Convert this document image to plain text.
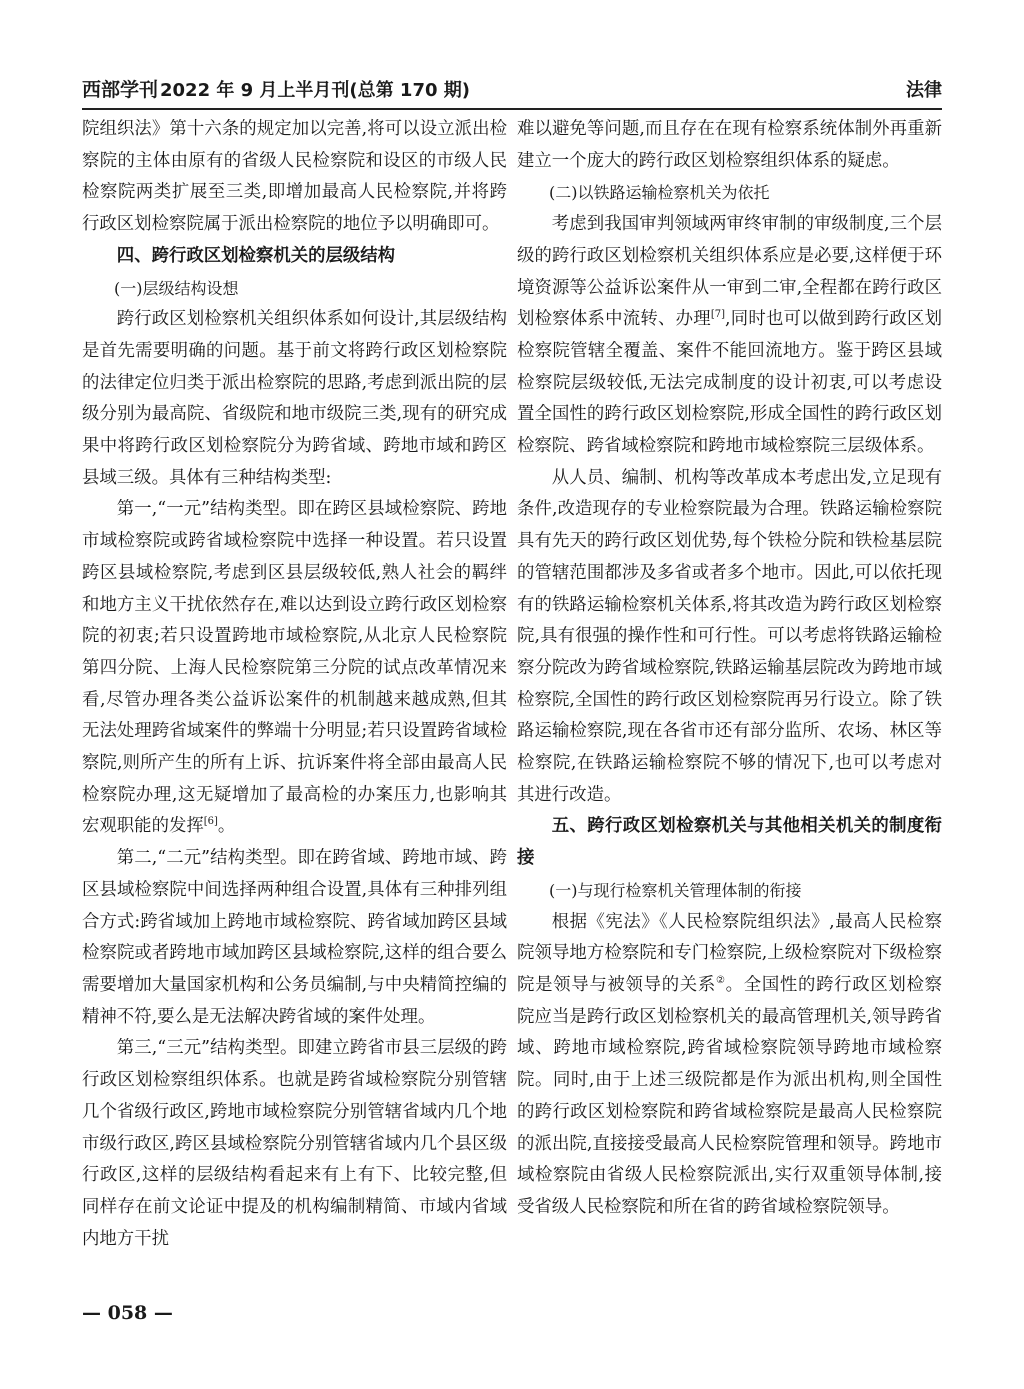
西部学刊 2022 年 9 月上半月刊(总第 170 期)	法律

院组织法》第十六条的规定加以完善,将可以设立派出检察院的主体由原有的省级人民检察院和设区的市级人民检察院两类扩展至三类,即增加最高人民检察院,并将跨行政区划检察院属于派出检察院的地位予以明确即可。

四、跨行政区划检察机关的层级结构

(一)层级结构设想

跨行政区划检察机关组织体系如何设计,其层级结构是首先需要明确的问题。基于前文将跨行政区划检察院的法律定位归类于派出检察院的思路,考虑到派出院的层级分别为最高院、省级院和地市级院三类,现有的研究成果中将跨行政区划检察院分为跨省域、跨地市域和跨区县域三级。具体有三种结构类型:

第一,“一元”结构类型。即在跨区县域检察院、跨地市域检察院或跨省域检察院中选择一种设置。若只设置跨区县域检察院,考虑到区县层级较低,熟人社会的羁绊和地方主义干扰依然存在,难以达到设立跨行政区划检察院的初衷;若只设置跨地市域检察院,从北京人民检察院第四分院、上海人民检察院第三分院的试点改革情况来看,尽管办理各类公益诉讼案件的机制越来越成熟,但其无法处理跨省域案件的弊端十分明显;若只设置跨省域检察院,则所产生的所有上诉、抗诉案件将全部由最高人民检察院办理,这无疑增加了最高检的办案压力,也影响其宏观职能的发挥[6]。

第二,“二元”结构类型。即在跨省域、跨地市域、跨区县域检察院中间选择两种组合设置,具体有三种排列组合方式:跨省域加上跨地市域检察院、跨省域加跨区县域检察院或者跨地市域加跨区县域检察院,这样的组合要么需要增加大量国家机构和公务员编制,与中央精简控编的精神不符,要么是无法解决跨省域的案件处理。

第三,“三元”结构类型。即建立跨省市县三层级的跨行政区划检察组织体系。也就是跨省域检察院分别管辖几个省级行政区,跨地市域检察院分别管辖省域内几个地市级行政区,跨区县域检察院分别管辖省域内几个县区级行政区,这样的层级结构看起来有上有下、比较完整,但同样存在前文论证中提及的机构编制精简、市域内省域内地方干扰

难以避免等问题,而且存在在现有检察系统体制外再重新建立一个庞大的跨行政区划检察组织体系的疑虑。

(二)以铁路运输检察机关为依托

考虑到我国审判领域两审终审制的审级制度,三个层级的跨行政区划检察机关组织体系应是必要,这样便于环境资源等公益诉讼案件从一审到二审,全程都在跨行政区划检察体系中流转、办理[7],同时也可以做到跨行政区划检察院管辖全覆盖、案件不能回流地方。鉴于跨区县域检察院层级较低,无法完成制度的设计初衷,可以考虑设置全国性的跨行政区划检察院,形成全国性的跨行政区划检察院、跨省域检察院和跨地市域检察院三层级体系。

从人员、编制、机构等改革成本考虑出发,立足现有条件,改造现存的专业检察院最为合理。铁路运输检察院具有先天的跨行政区划优势,每个铁检分院和铁检基层院的管辖范围都涉及多省或者多个地市。因此,可以依托现有的铁路运输检察机关体系,将其改造为跨行政区划检察院,具有很强的操作性和可行性。可以考虑将铁路运输检察分院改为跨省域检察院,铁路运输基层院改为跨地市域检察院,全国性的跨行政区划检察院再另行设立。除了铁路运输检察院,现在各省市还有部分监所、农场、林区等检察院,在铁路运输检察院不够的情况下,也可以考虑对其进行改造。

五、跨行政区划检察机关与其他相关机关的制度衔接

(一)与现行检察机关管理体制的衔接

根据《宪法》《人民检察院组织法》,最高人民检察院领导地方检察院和专门检察院,上级检察院对下级检察院是领导与被领导的关系②。全国性的跨行政区划检察院应当是跨行政区划检察机关的最高管理机关,领导跨省域、跨地市域检察院,跨省域检察院领导跨地市域检察院。同时,由于上述三级院都是作为派出机构,则全国性的跨行政区划检察院和跨省域检察院是最高人民检察院的派出院,直接接受最高人民检察院管理和领导。跨地市域检察院由省级人民检察院派出,实行双重领导体制,接受省级人民检察院和所在省的跨省域检察院领导。

— 058 —
